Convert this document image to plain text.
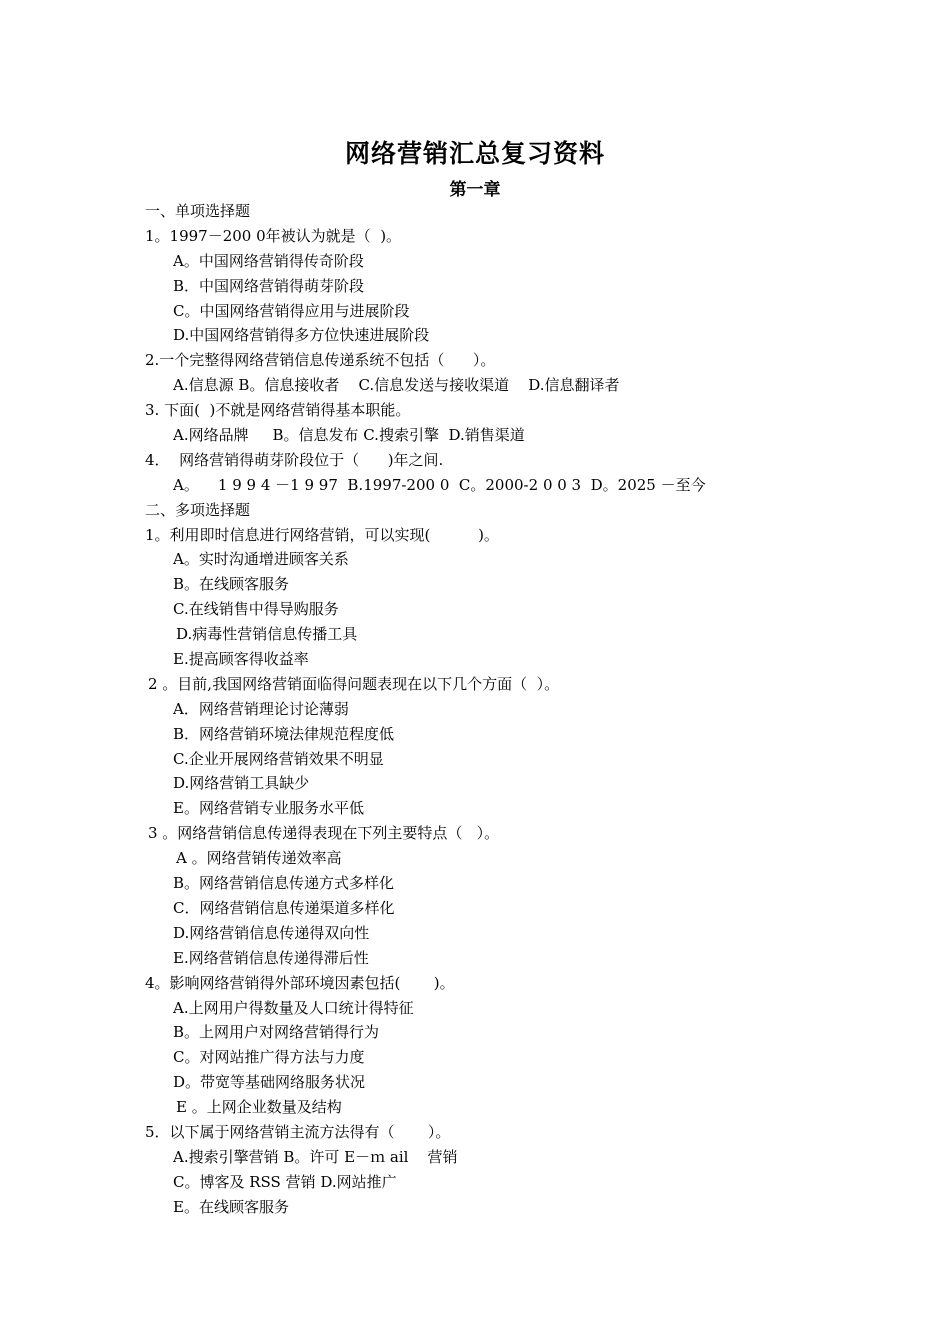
网络营销汇总复习资料
第一章
一、单项选择题
1。1997－200 0年被认为就是（  )。
A。中国网络营销得传奇阶段
B．中国网络营销得萌芽阶段
C。中国网络营销得应用与进展阶段
D.中国网络营销得多方位快速进展阶段
2.一个完整得网络营销信息传递系统不包括（      ）。
A.信息源 B。信息接收者    C.信息发送与接收渠道    D.信息翻译者
3. 下面(  )不就是网络营销得基本职能。
A.网络品牌     B。信息发布 C.搜索引擎  D.销售渠道
4．  网络营销得萌芽阶段位于（      )年之间.
A。    1 9 9 4 －1 9 97  B.1997-200 0  C。2000-2 0 0 3  D。2025 －至今
二、多项选择题
1。利用即时信息进行网络营销，可以实现(          )。
A。实时沟通增进顾客关系
B。在线顾客服务
C.在线销售中得导购服务
D.病毒性营销信息传播工具
E.提高顾客得收益率
2 。目前,我国网络营销面临得问题表现在以下几个方面（  ）。
A．网络营销理论讨论薄弱
B．网络营销环境法律规范程度低
C.企业开展网络营销效果不明显
D.网络营销工具缺少
E。网络营销专业服务水平低
3 。网络营销信息传递得表现在下列主要特点（   ）。
A 。网络营销传递效率高
B。网络营销信息传递方式多样化
C．网络营销信息传递渠道多样化
D.网络营销信息传递得双向性
E.网络营销信息传递得滞后性
4。影响网络营销得外部环境因素包括(       )。
A.上网用户得数量及人口统计得特征
B。上网用户对网络营销得行为
C。对网站推广得方法与力度
D。带宽等基础网络服务状况
E 。上网企业数量及结构
5．以下属于网络营销主流方法得有（       ）。
A.搜索引擎营销 B。许可 E－ｍ ail    营销
C。博客及 RSS 营销 D.网站推广
E。在线顾客服务
